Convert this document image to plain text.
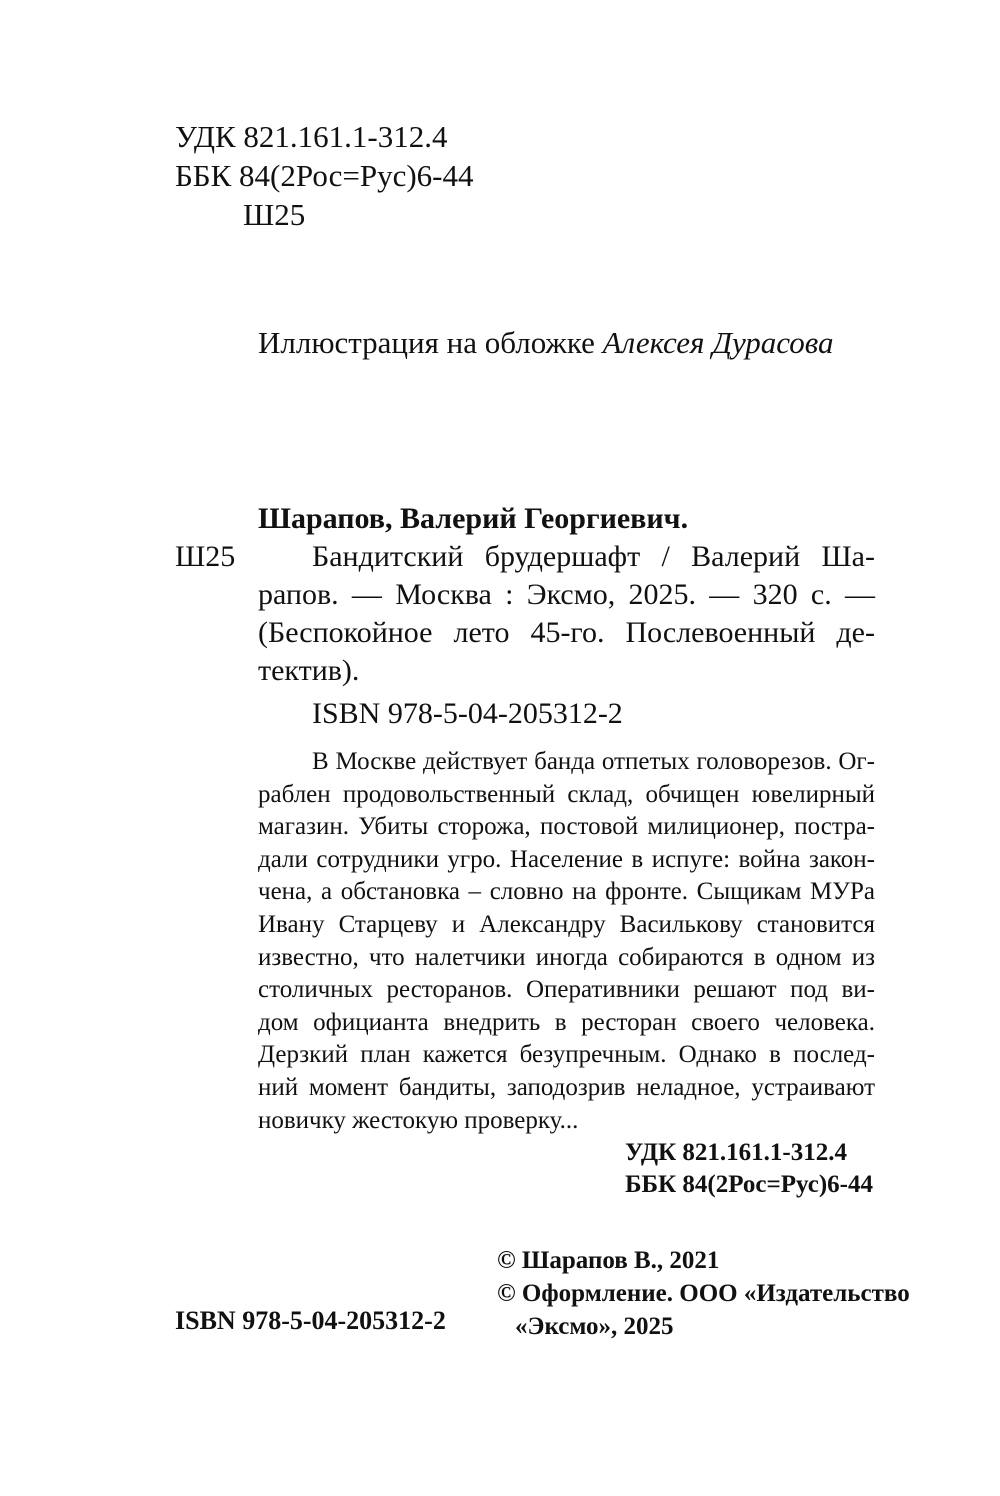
УДК 821.161.1-312.4
ББК 84(2Рос=Рус)6-44
Ш25
Иллюстрация на обложке Алексея Дурасова
Шарапов, Валерий Георгиевич.
Ш25	Бандитский брудершафт / Валерий Ша-
рапов. — Москва : Эксмо, 2025. — 320 с. —
(Беспокойное лето 45-го. Послевоенный де-
тектив).
ISBN 978-5-04-205312-2
В Москве действует банда отпетых головорезов. Ог-
раблен продовольственный склад, обчищен ювелирный
магазин. Убиты сторожа, постовой милиционер, постра-
дали сотрудники угро. Население в испуге: война закон-
чена, а обстановка – словно на фронте. Сыщикам МУРа
Ивану Старцеву и Александру Василькову становится
известно, что налетчики иногда собираются в одном из
столичных ресторанов. Оперативники решают под ви-
дом официанта внедрить в ресторан своего человека.
Дерзкий план кажется безупречным. Однако в послед-
ний момент бандиты, заподозрив неладное, устраивают
новичку жестокую проверку...
УДК 821.161.1-312.4
ББК 84(2Рос=Рус)6-44
© Шарапов В., 2021
© Оформление. ООО «Издательство
«Эксмо», 2025
ISBN 978-5-04-205312-2
